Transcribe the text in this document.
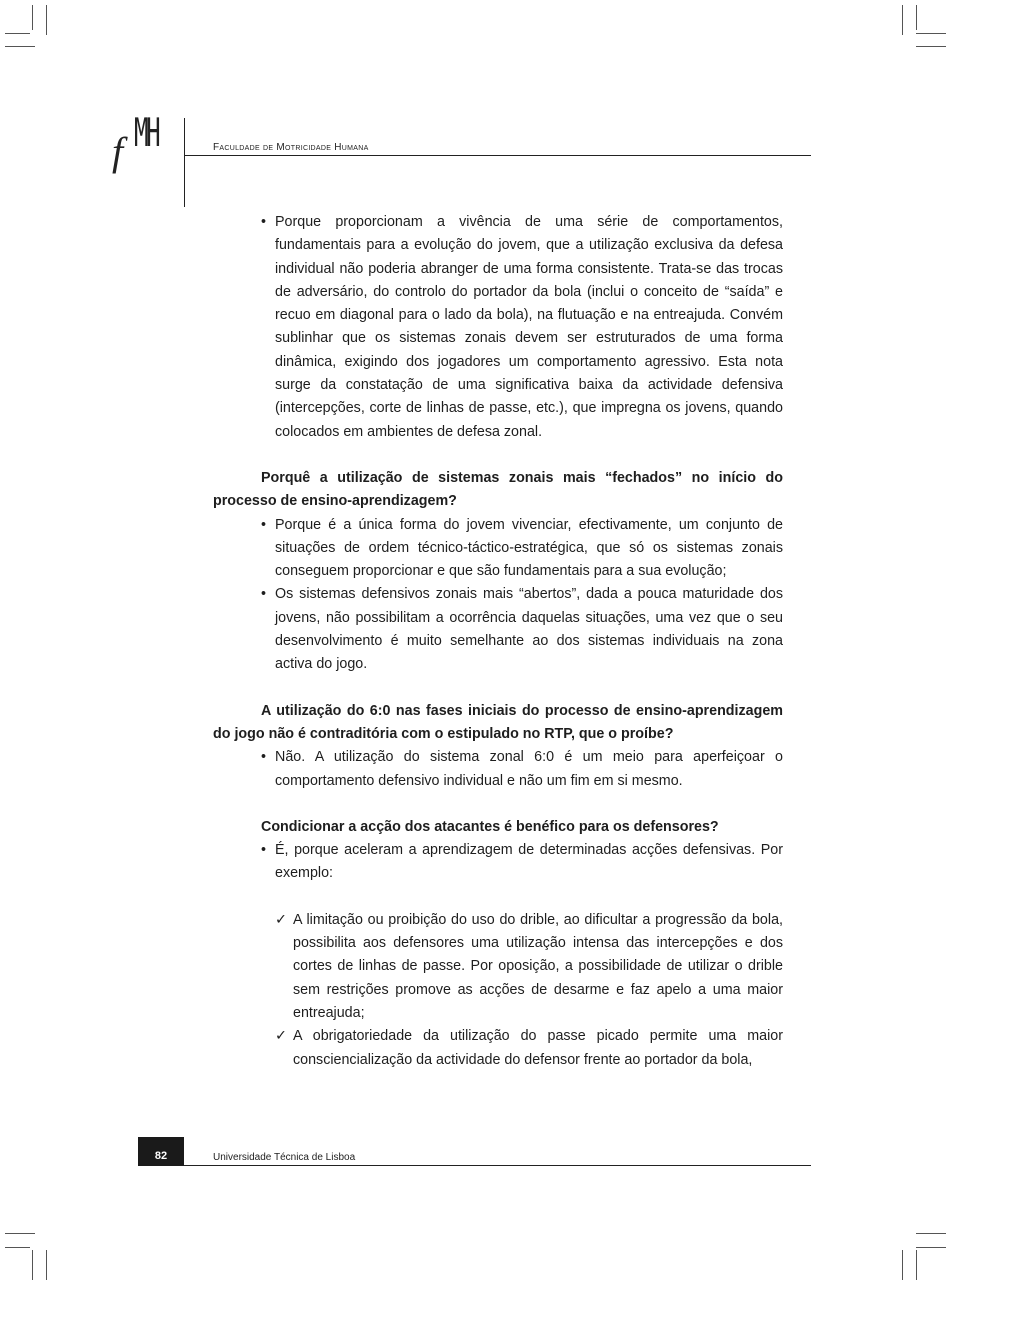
f MH	Faculdade de Motricidade Humana

• Porque proporcionam a vivência de uma série de comportamentos, fundamentais para a evolução do jovem, que a utilização exclusiva da defesa individual não poderia abranger de uma forma consistente. Trata-se das trocas de adversário, do controlo do portador da bola (inclui o conceito de “saída” e recuo em diagonal para o lado da bola), na flutuação e na entreajuda. Convém sublinhar que os sistemas zonais devem ser estruturados de uma forma dinâmica, exigindo dos jogadores um comportamento agressivo. Esta nota surge da constatação de uma significativa baixa da actividade defensiva (intercepções, corte de linhas de passe, etc.), que impregna os jovens, quando colocados em ambientes de defesa zonal.

Porquê a utilização de sistemas zonais mais “fechados” no início do processo de ensino-aprendizagem?

• Porque é a única forma do jovem vivenciar, efectivamente, um conjunto de situações de ordem técnico-táctico-estratégica, que só os sistemas zonais conseguem proporcionar e que são fundamentais para a sua evolução;

• Os sistemas defensivos zonais mais “abertos”, dada a pouca maturidade dos jovens, não possibilitam a ocorrência daquelas situações, uma vez que o seu desenvolvimento é muito semelhante ao dos sistemas individuais na zona activa do jogo.

A utilização do 6:0 nas fases iniciais do processo de ensino-aprendizagem do jogo não é contraditória com o estipulado no RTP, que o proíbe?

• Não. A utilização do sistema zonal 6:0 é um meio para aperfeiçoar o comportamento defensivo individual e não um fim em si mesmo.

Condicionar a acção dos atacantes é benéfico para os defensores?

• É, porque aceleram a aprendizagem de determinadas acções defensivas. Por exemplo:

✓ A limitação ou proibição do uso do drible, ao dificultar a progressão da bola, possibilita aos defensores uma utilização intensa das intercepções e dos cortes de linhas de passe. Por oposição, a possibilidade de utilizar o drible sem restrições promove as acções de desarme e faz apelo a uma maior entreajuda;

✓ A obrigatoriedade da utilização do passe picado permite uma maior consciencialização da actividade do defensor frente ao portador da bola,

82	Universidade Técnica de Lisboa
